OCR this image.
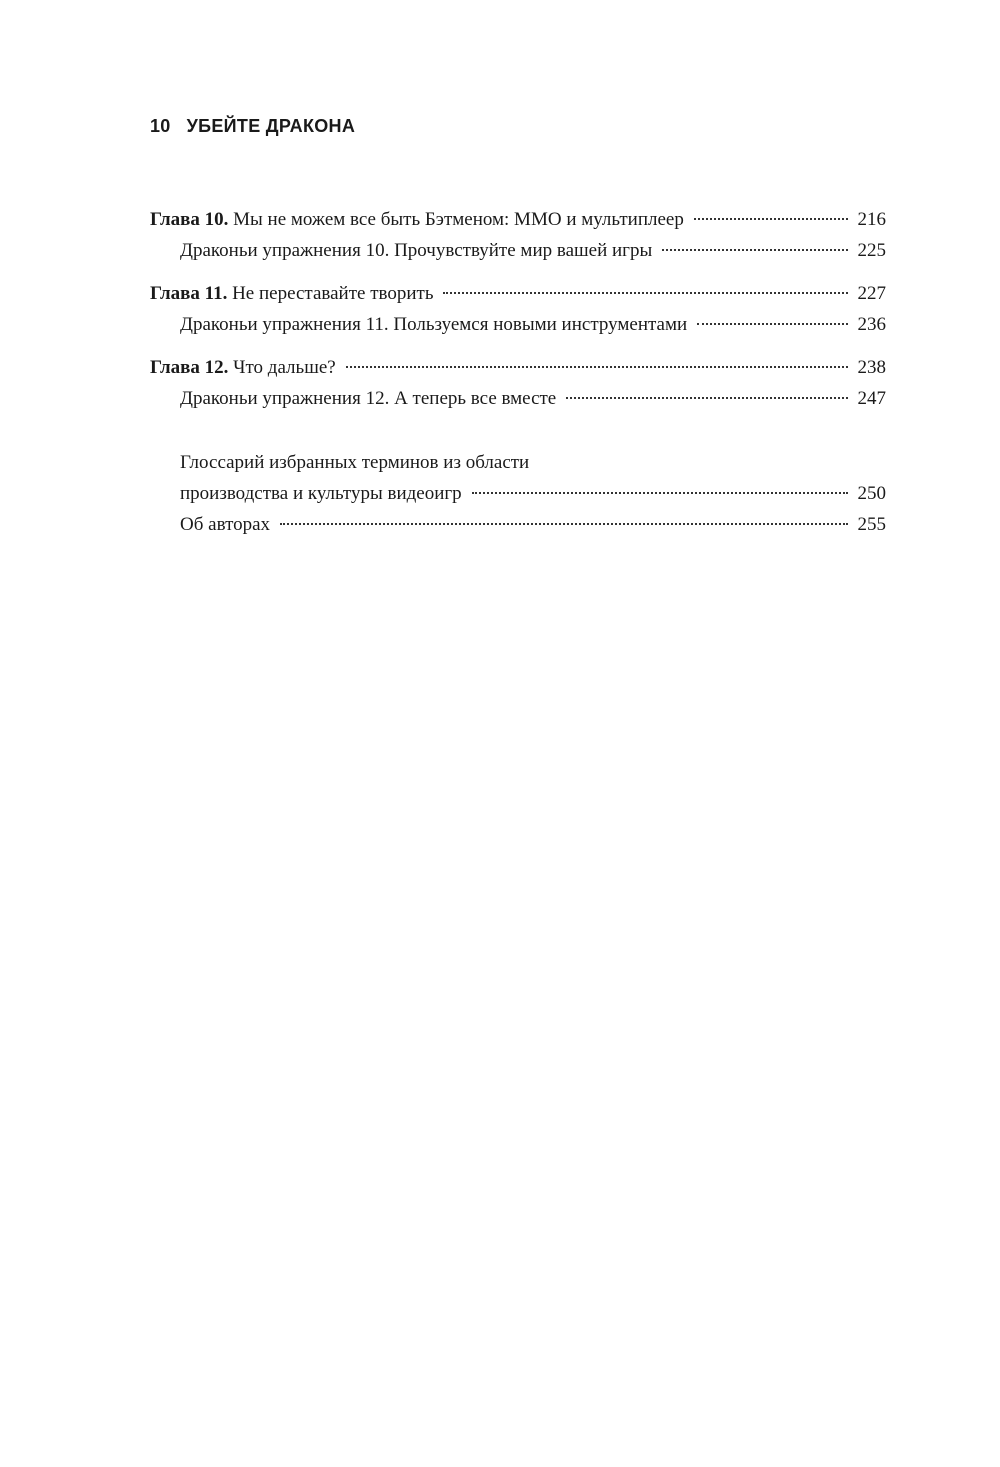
10 УБЕЙТЕ ДРАКОНА
Глава 10. Мы не можем все быть Бэтменом: ММО и мультиплеер	216
Драконьи упражнения 10. Прочувствуйте мир вашей игры	225
Глава 11. Не переставайте творить	227
Драконьи упражнения 11. Пользуемся новыми инструментами	236
Глава 12. Что дальше?	238
Драконьи упражнения 12. А теперь все вместе	247
Глоссарий избранных терминов из области
производства и культуры видеоигр	250
Об авторах	255
